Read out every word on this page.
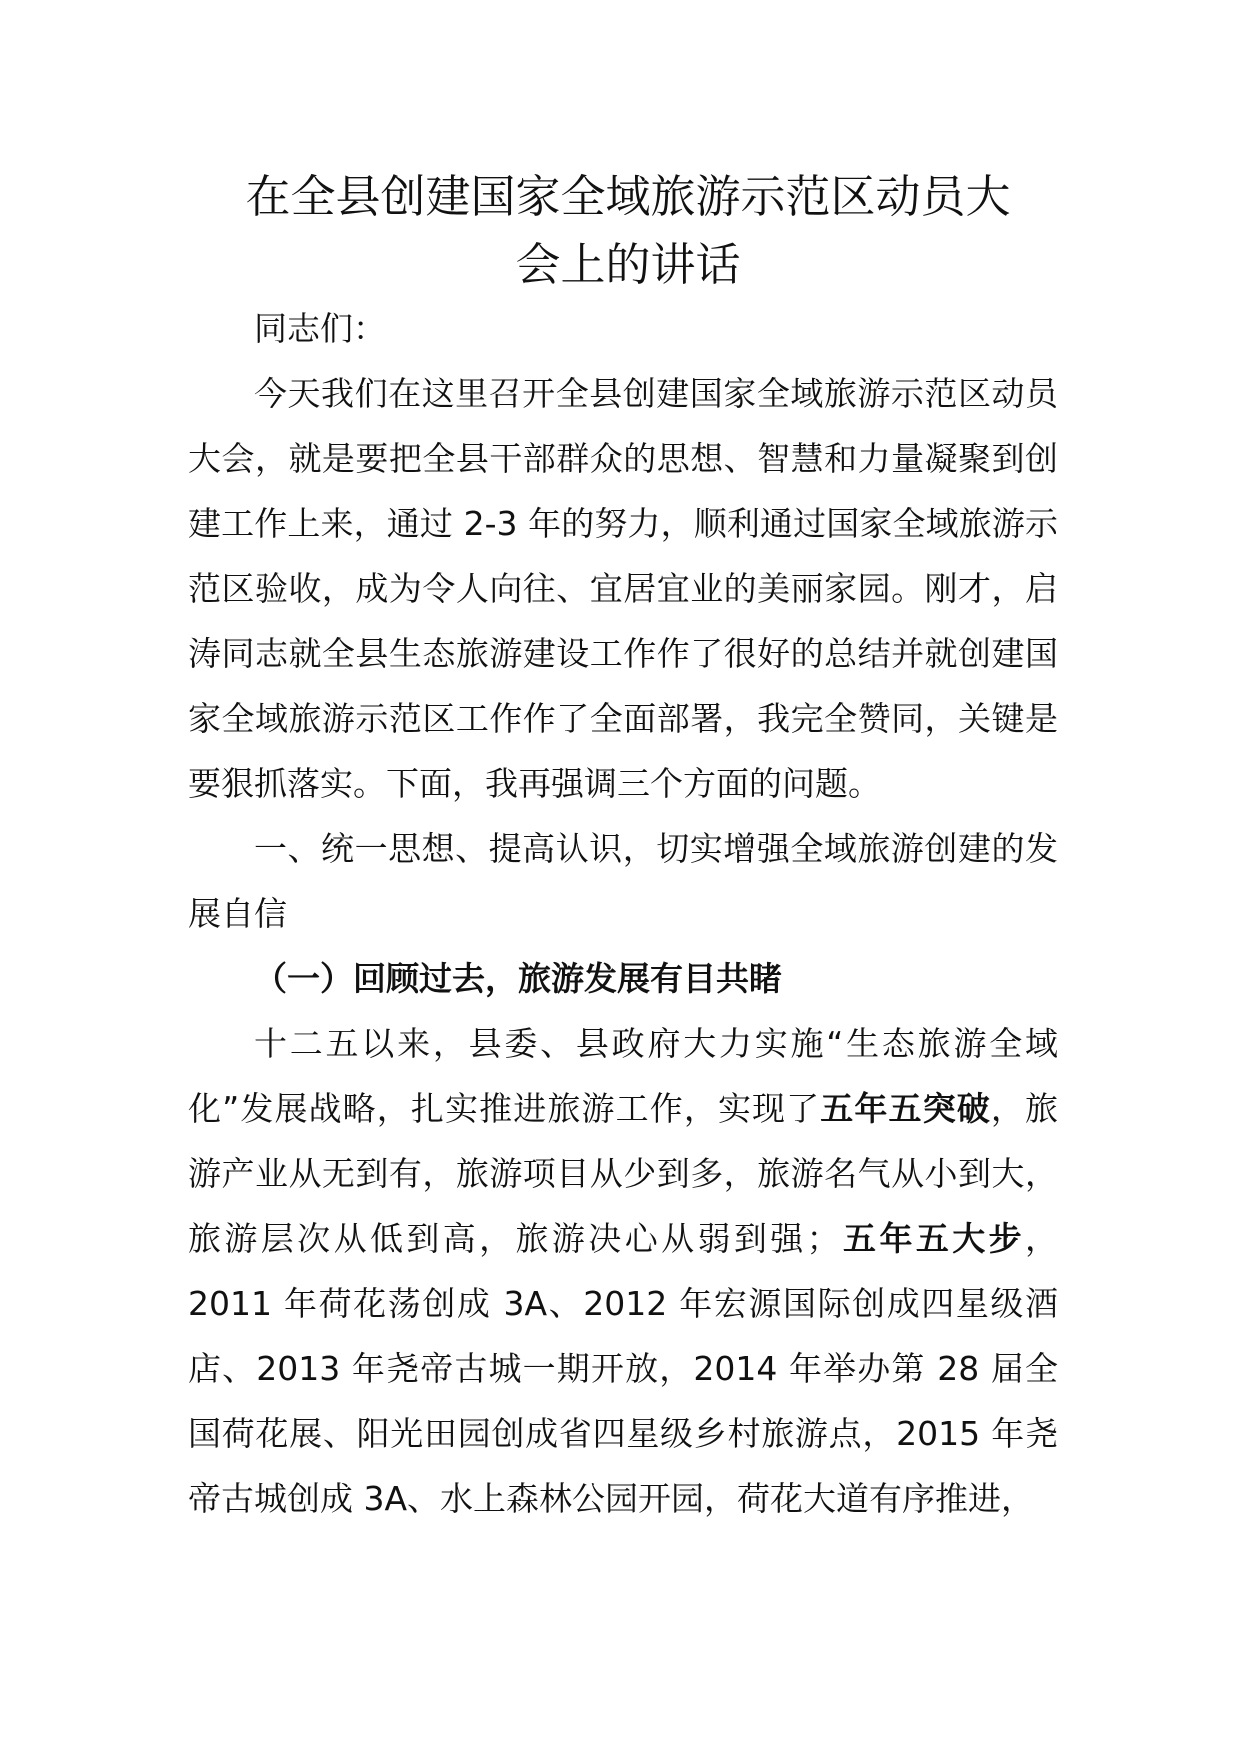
在全县创建国家全域旅游示范区动员大
会上的讲话

同志们：

今天我们在这里召开全县创建国家全域旅游示范区动员大会，就是要把全县干部群众的思想、智慧和力量凝聚到创建工作上来，通过 2-3 年的努力，顺利通过国家全域旅游示范区验收，成为令人向往、宜居宜业的美丽家园。刚才，启涛同志就全县生态旅游建设工作作了很好的总结并就创建国家全域旅游示范区工作作了全面部署，我完全赞同，关键是要狠抓落实。下面，我再强调三个方面的问题。

一、统一思想、提高认识，切实增强全域旅游创建的发展自信

（一）回顾过去，旅游发展有目共睹

十二五以来，县委、县政府大力实施“生态旅游全域化”发展战略，扎实推进旅游工作，实现了五年五突破，旅游产业从无到有，旅游项目从少到多，旅游名气从小到大，旅游层次从低到高，旅游决心从弱到强；五年五大步，2011 年荷花荡创成 3A、2012 年宏源国际创成四星级酒店、2013 年尧帝古城一期开放，2014 年举办第 28 届全国荷花展、阳光田园创成省四星级乡村旅游点，2015 年尧帝古城创成 3A、水上森林公园开园，荷花大道有序推进，
